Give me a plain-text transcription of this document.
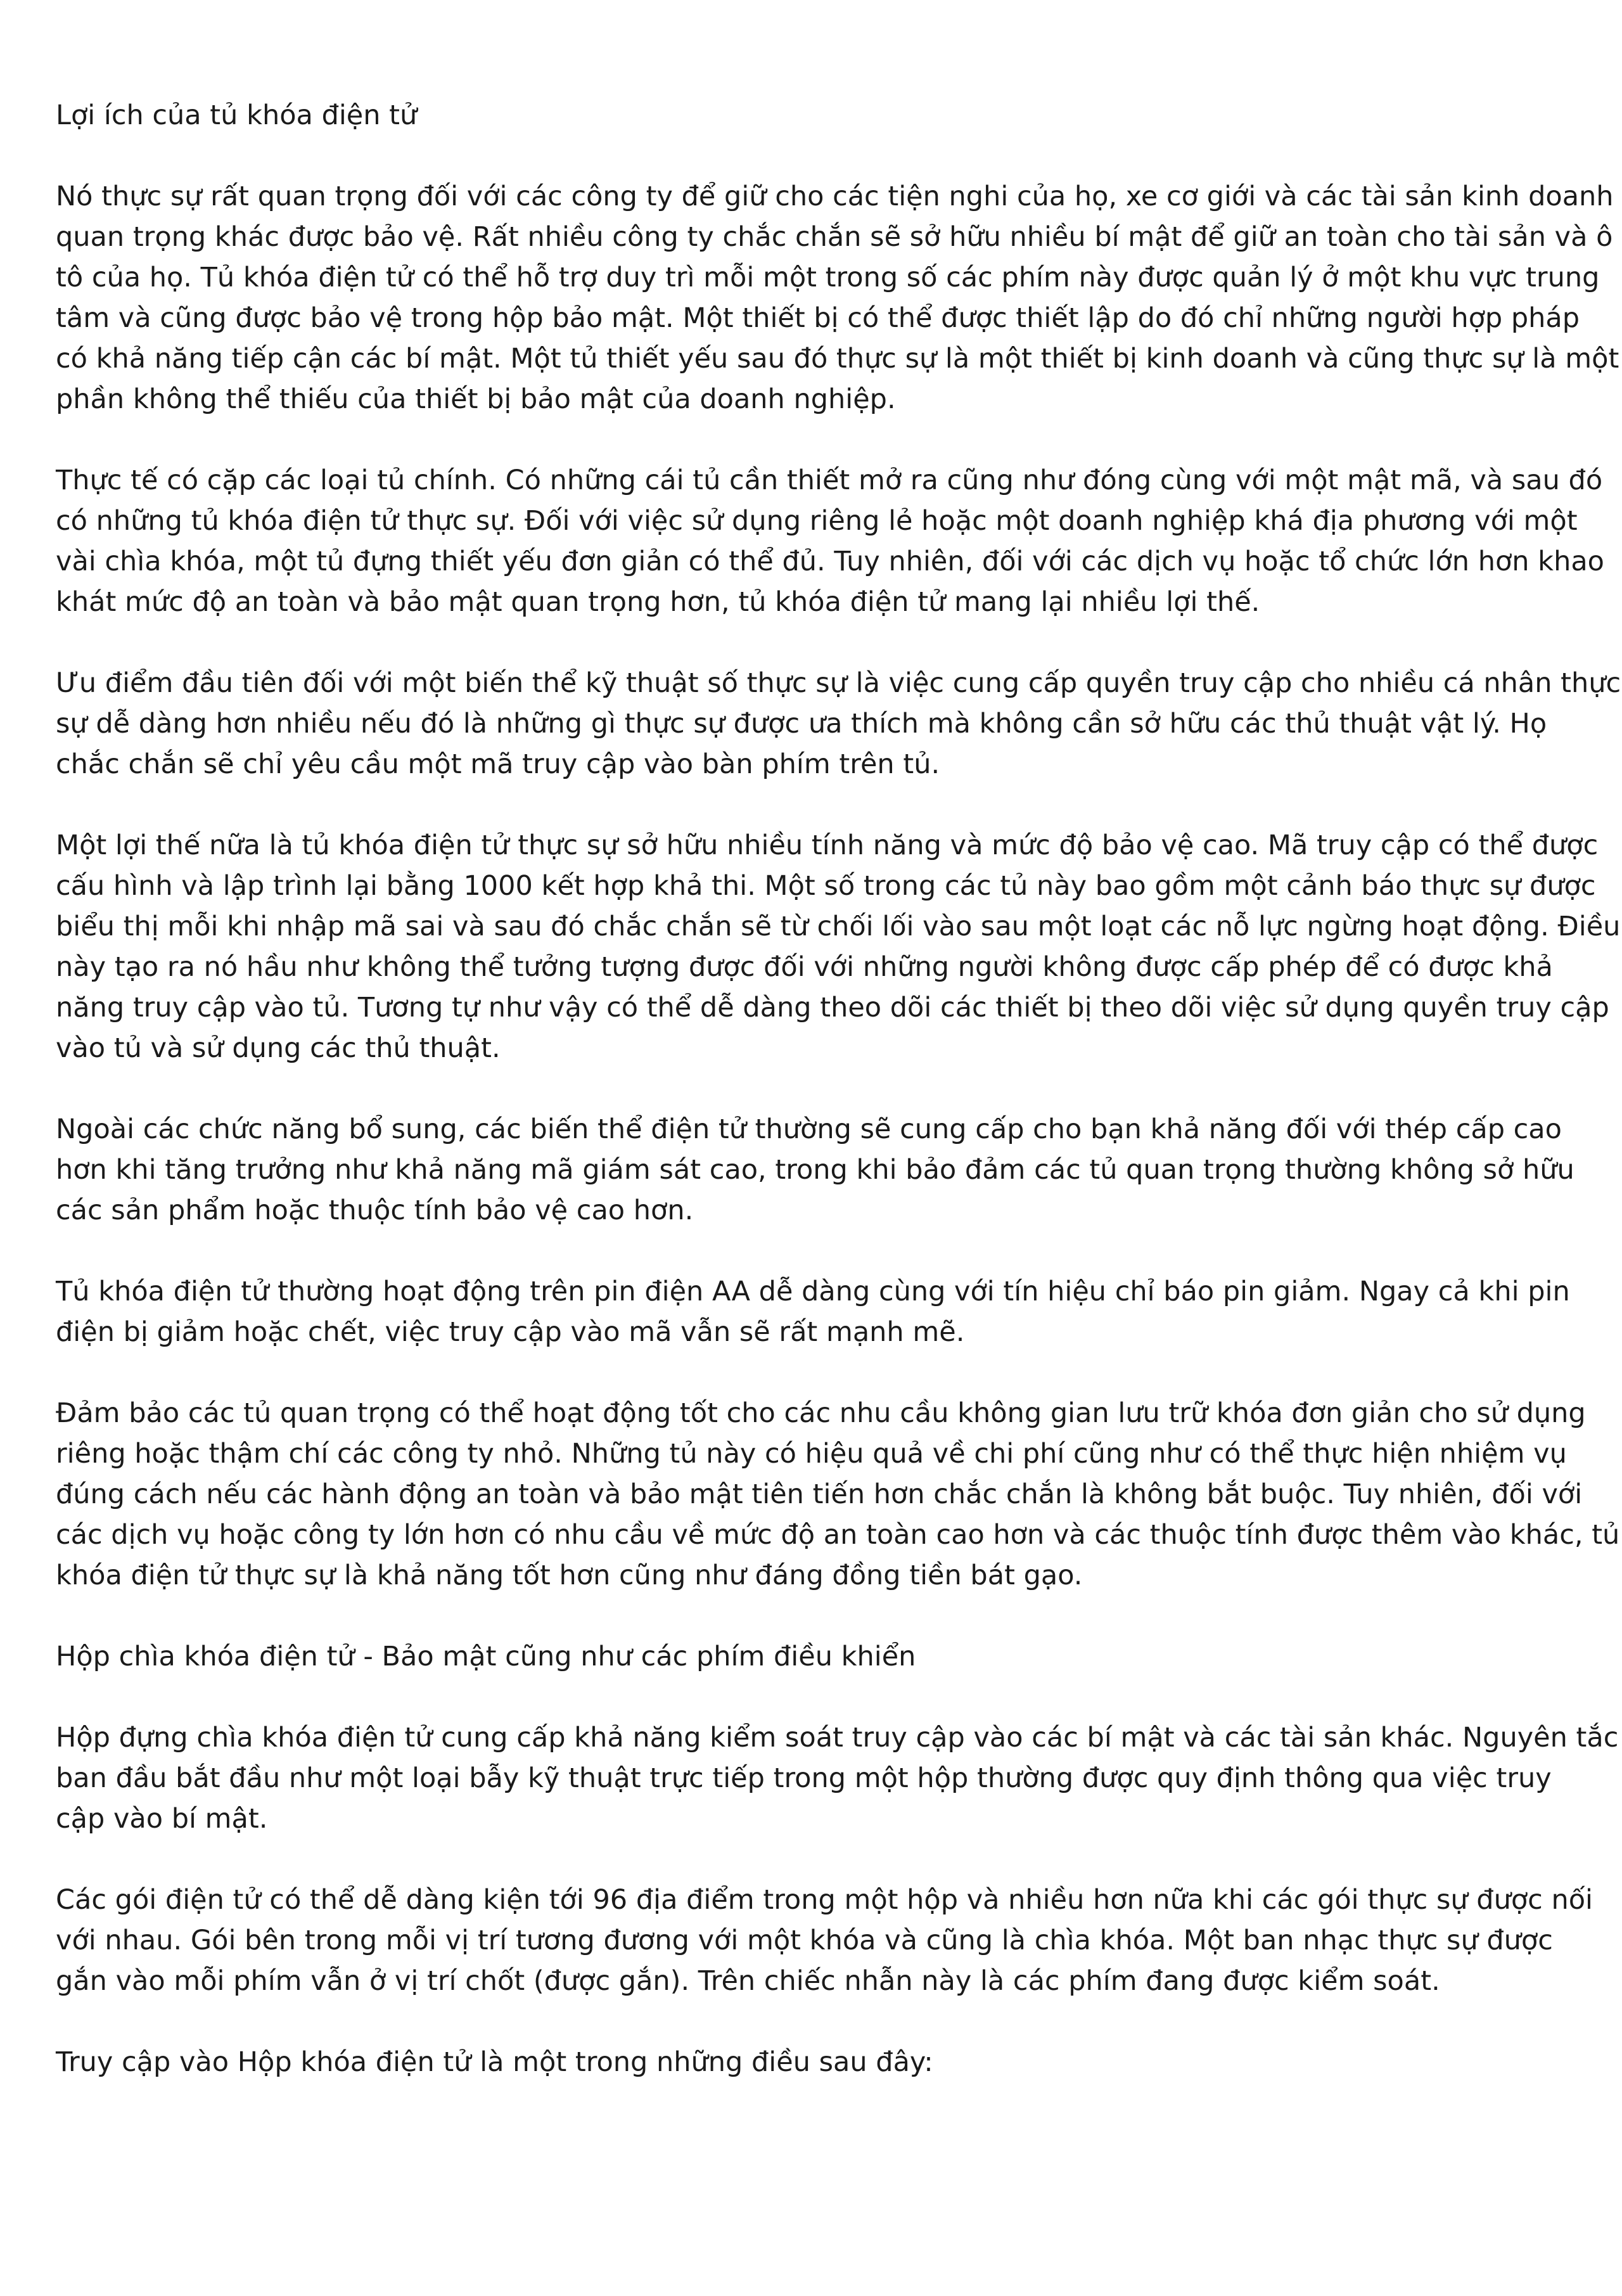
Lợi ích của tủ khóa điện tử
Nó thực sự rất quan trọng đối với các công ty để giữ cho các tiện nghi của họ, xe cơ giới và các tài sản kinh doanh
quan trọng khác được bảo vệ. Rất nhiều công ty chắc chắn sẽ sở hữu nhiều bí mật để giữ an toàn cho tài sản và ô
tô của họ. Tủ khóa điện tử có thể hỗ trợ duy trì mỗi một trong số các phím này được quản lý ở một khu vực trung
tâm và cũng được bảo vệ trong hộp bảo mật. Một thiết bị có thể được thiết lập do đó chỉ những người hợp pháp
có khả năng tiếp cận các bí mật. Một tủ thiết yếu sau đó thực sự là một thiết bị kinh doanh và cũng thực sự là một
phần không thể thiếu của thiết bị bảo mật của doanh nghiệp.
Thực tế có cặp các loại tủ chính. Có những cái tủ cần thiết mở ra cũng như đóng cùng với một mật mã, và sau đó
có những tủ khóa điện tử thực sự. Đối với việc sử dụng riêng lẻ hoặc một doanh nghiệp khá địa phương với một
vài chìa khóa, một tủ đựng thiết yếu đơn giản có thể đủ. Tuy nhiên, đối với các dịch vụ hoặc tổ chức lớn hơn khao
khát mức độ an toàn và bảo mật quan trọng hơn, tủ khóa điện tử mang lại nhiều lợi thế.
Ưu điểm đầu tiên đối với một biến thể kỹ thuật số thực sự là việc cung cấp quyền truy cập cho nhiều cá nhân thực
sự dễ dàng hơn nhiều nếu đó là những gì thực sự được ưa thích mà không cần sở hữu các thủ thuật vật lý. Họ
chắc chắn sẽ chỉ yêu cầu một mã truy cập vào bàn phím trên tủ.
Một lợi thế nữa là tủ khóa điện tử thực sự sở hữu nhiều tính năng và mức độ bảo vệ cao. Mã truy cập có thể được
cấu hình và lập trình lại bằng 1000 kết hợp khả thi. Một số trong các tủ này bao gồm một cảnh báo thực sự được
biểu thị mỗi khi nhập mã sai và sau đó chắc chắn sẽ từ chối lối vào sau một loạt các nỗ lực ngừng hoạt động. Điều
này tạo ra nó hầu như không thể tưởng tượng được đối với những người không được cấp phép để có được khả
năng truy cập vào tủ. Tương tự như vậy có thể dễ dàng theo dõi các thiết bị theo dõi việc sử dụng quyền truy cập
vào tủ và sử dụng các thủ thuật.
Ngoài các chức năng bổ sung, các biến thể điện tử thường sẽ cung cấp cho bạn khả năng đối với thép cấp cao
hơn khi tăng trưởng như khả năng mã giám sát cao, trong khi bảo đảm các tủ quan trọng thường không sở hữu
các sản phẩm hoặc thuộc tính bảo vệ cao hơn.
Tủ khóa điện tử thường hoạt động trên pin điện AA dễ dàng cùng với tín hiệu chỉ báo pin giảm. Ngay cả khi pin
điện bị giảm hoặc chết, việc truy cập vào mã vẫn sẽ rất mạnh mẽ.
Đảm bảo các tủ quan trọng có thể hoạt động tốt cho các nhu cầu không gian lưu trữ khóa đơn giản cho sử dụng
riêng hoặc thậm chí các công ty nhỏ. Những tủ này có hiệu quả về chi phí cũng như có thể thực hiện nhiệm vụ
đúng cách nếu các hành động an toàn và bảo mật tiên tiến hơn chắc chắn là không bắt buộc. Tuy nhiên, đối với
các dịch vụ hoặc công ty lớn hơn có nhu cầu về mức độ an toàn cao hơn và các thuộc tính được thêm vào khác, tủ
khóa điện tử thực sự là khả năng tốt hơn cũng như đáng đồng tiền bát gạo.
Hộp chìa khóa điện tử - Bảo mật cũng như các phím điều khiển
Hộp đựng chìa khóa điện tử cung cấp khả năng kiểm soát truy cập vào các bí mật và các tài sản khác. Nguyên tắc
ban đầu bắt đầu như một loại bẫy kỹ thuật trực tiếp trong một hộp thường được quy định thông qua việc truy
cập vào bí mật.
Các gói điện tử có thể dễ dàng kiện tới 96 địa điểm trong một hộp và nhiều hơn nữa khi các gói thực sự được nối
với nhau. Gói bên trong mỗi vị trí tương đương với một khóa và cũng là chìa khóa. Một ban nhạc thực sự được
gắn vào mỗi phím vẫn ở vị trí chốt (được gắn). Trên chiếc nhẫn này là các phím đang được kiểm soát.
Truy cập vào Hộp khóa điện tử là một trong những điều sau đây:
